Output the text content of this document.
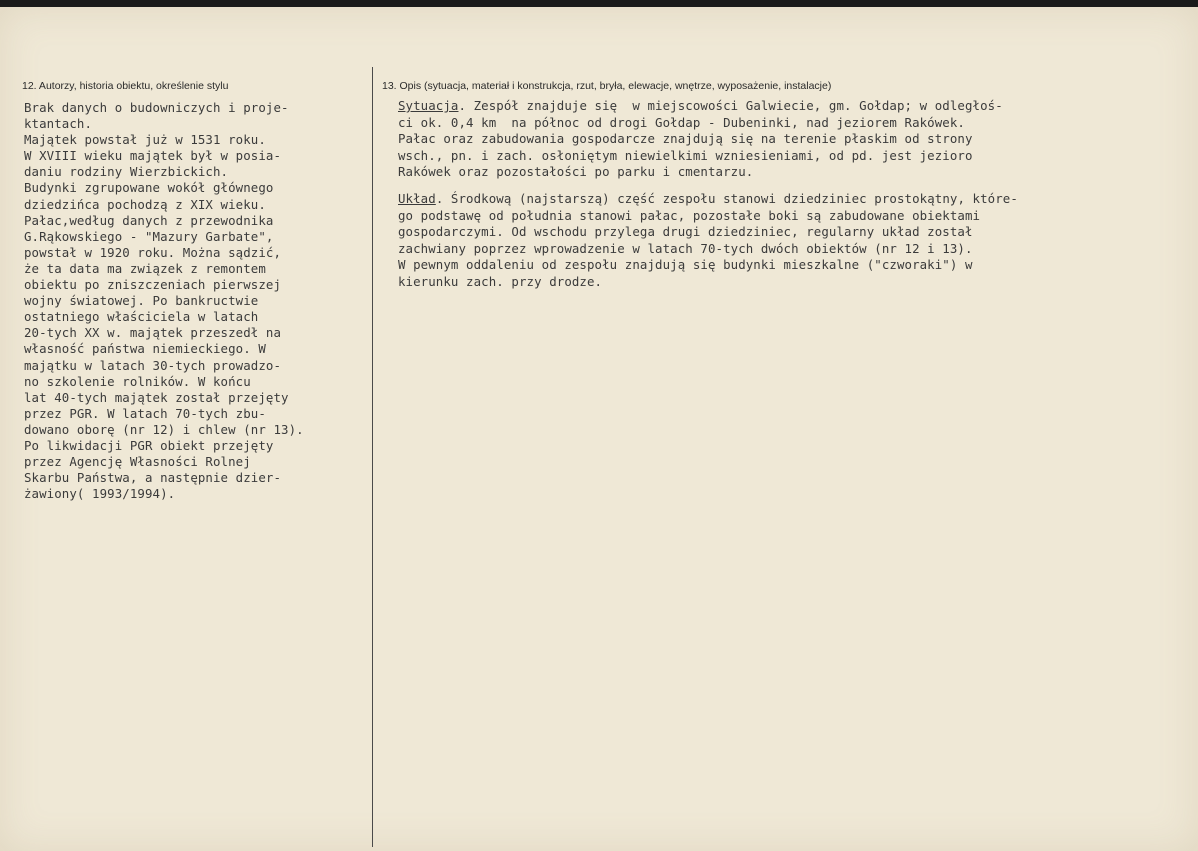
12. Autorzy, historia obiektu, określenie stylu	13. Opis (sytuacja, materiał i konstrukcja, rzut, bryła, elewacje, wnętrze, wyposażenie, instalacje)
Brak danych o budowniczych i proje-
ktantach.
Majątek powstał już w 1531 roku.
W XVIII wieku majątek był w posia-
daniu rodziny Wierzbickich.
Budynki zgrupowane wokół głównego
dziedzińca pochodzą z XIX wieku.
Pałac,według danych z przewodnika
G.Rąkowskiego - "Mazury Garbate",
powstał w 1920 roku. Można sądzić,
że ta data ma związek z remontem
obiektu po zniszczeniach pierwszej
wojny światowej. Po bankructwie
ostatniego właściciela w latach
20-tych XX w. majątek przeszedł na
własność państwa niemieckiego. W
majątku w latach 30-tych prowadzo-
no szkolenie rolników. W końcu
lat 40-tych majątek został przejęty
przez PGR. W latach 70-tych zbu-
dowano oborę (nr 12) i chlew (nr 13).
Po likwidacji PGR obiekt przejęty
przez Agencję Własności Rolnej
Skarbu Państwa, a następnie dzier-
żawiony( 1993/1994).
Sytuacja. Zespół znajduje się  w miejscowości Galwiecie, gm. Gołdap; w odległoś-
ci ok. 0,4 km  na północ od drogi Gołdap - Dubeninki, nad jeziorem Rakówek.
Pałac oraz zabudowania gospodarcze znajdują się na terenie płaskim od strony
wsch., pn. i zach. osłoniętym niewielkimi wzniesieniami, od pd. jest jezioro
Rakówek oraz pozostałości po parku i cmentarzu.
Układ. Środkową (najstarszą) część zespołu stanowi dziedziniec prostokątny, które-
go podstawę od południa stanowi pałac, pozostałe boki są zabudowane obiektami
gospodarczymi. Od wschodu przylega drugi dziedziniec, regularny układ został
zachwiany poprzez wprowadzenie w latach 70-tych dwóch obiektów (nr 12 i 13).
W pewnym oddaleniu od zespołu znajdują się budynki mieszkalne ("czworaki") w
kierunku zach. przy drodze.
